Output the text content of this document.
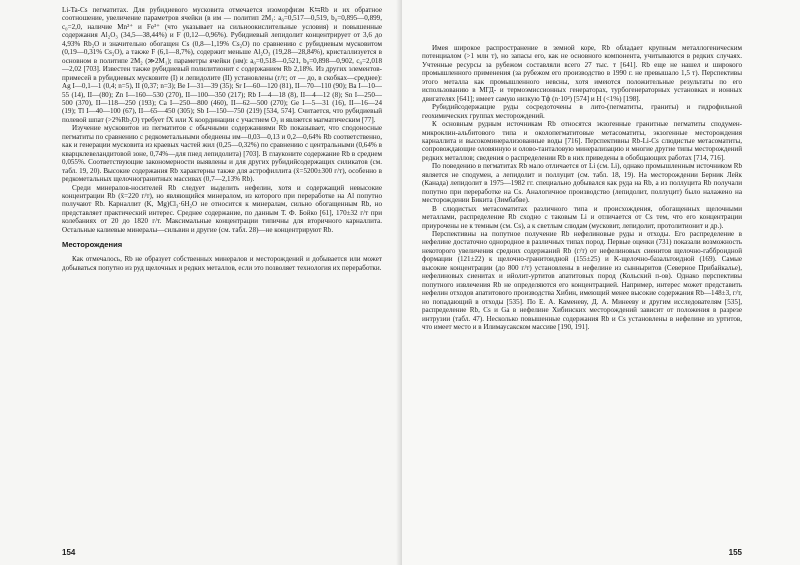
Li-Ta-Cs пегматитах. Для рубидиевого мусковита отмечается изоморфизм K⇆Rb и их обратное соотношение, увеличение параметров ячейки (в им — политип 2M₁: a₀=0,517—0,519, b₀=0,895—0,899, c₀=2,0, наличие Mn²⁺ и Fe³⁺ (что указывает на сильноокислительные условия) и повышенные содержания Al₂O₃ (34,5—38,44%) и F (0,12—0,96%). Рубидиевый лепидолит концентрирует от 3,6 до 4,93% Rb₂O и значительно обогащен Cs (0,8—1,19% Cs₂O) по сравнению с рубидиевым мусковитом (0,19—0,31% Cs₂O), а также F (6,1—8,7%), содержит меньше Al₂O₃ (19,28—28,84%), кристаллизуется в основном в политипе 2M₂ (≫2M₁); параметры ячейки (нм): a₀=0,518—0,521, b₀=0,898—0,902, c₀=2,018—2,02 [703]. Известен также рубидиевый полилитионит с содержанием Rb 2,18%. Из других элементов-примесей в рубидиевых мусковите (I) и лепидолите (II) установлены (г/т; от — до, в скобках—среднее): Ag I—0,1—1 (0,4; n=5), II (0,37; n=3); Be I—31—39 (35); Sr I—60—120 (81), II—70—110 (90); Ba I—10—55 (14), II—(80); Zn I—160—530 (270), II—100—350 (217); Rb I—4—18 (8), II—4—12 (8); Sn I—250—500 (370), II—118—250 (193); Ca I—250—800 (460), II—62—500 (270); Ge I—5—31 (16), II—16—24 (19); Tl I—40—100 (67), II—65—450 (305); Sb I—150—750 (219) [534, 574]. Считается, что рубидиевый полевой шпат (>2%Rb₂O) требует fX или X координации с участием O₂ и является магматическим [77].

Изучение мусковитов из пегматитов с обычными содержаниями Rb показывает, что сподоносные пегматиты по сравнению с редкометальными обеднены им—0,03—0,13 и 0,2—0,64% Rb соответственно, как и генерации мусковита из краевых частей жил (0,25—0,32%) по сравнению с центральными (0,64% в кварцклевеландитовой зоне, 0,74%—для пнед лепидолита) [703]. В глауконите содержание Rb в среднем 0,055%. Соответствующие закономерности выявлены и для других рубидийсодержащих силикатов (см. табл. 19, 20). Высокие содержания Rb характерны также для астрофиллита (x̄=5200±300 г/т), особенно в редкометальных щелочногранитных массивах (0,7—2,13% Rb).

Среди минералов-носителей Rb следует выделить нефелин, хотя и содержащий невысокие концентрации Rb (x̄=220 г/т), но являющийся минералом, из которого при переработке на Al попутно получают Rb. Карналлит (K, Mg)Cl₃·6H₂O не относится к минералам, сильно обогащенным Rb, но представляет практический интерес. Среднее содержание, по данным Т. Ф. Бойко [61], 170±32 г/т при колебаниях от 20 до 1820 г/т. Максимальные концентрации типичны для вторичного карналлита. Остальные калиевые минералы—сильвин и другие (см. табл. 28)—не концентрируют Rb.

Месторождения

Как отмечалось, Rb не образует собственных минералов и месторождений и добывается или может добываться попутно из руд щелочных и редких металлов, если это позволяет технология их переработки.

154

Имея широкое распространение в земной коре, Rb обладает крупным металлогеническим потенциалом (>1 млн т), но запасы его, как не основного компонента, учитываются в редких случаях. Учтенные ресурсы за рубежом составляли всего 27 тыс. т [641]. Rb еще не нашел и широкого промышленного применения (за рубежом его производство в 1990 г. не превышало 1,5 т). Перспективы этого металла как промышленного невсны, хотя имеются положительные результаты по его использованию в МГД- и термоэмиссионных генераторах, турбогенераторных установках и ионных двигателях [641]; имеет самую низкую Тф (n·10²) [574] и H (<1%) [198].

Рубидийсодержащие руды сосредоточены в лито-(пегматиты, граниты) и гидрофильной геохимических группах месторождений.

К основным рудным источникам Rb относятся экзогенные гранитные пегматиты сподумен-микроклин-альбитового типа и околопегматитовые метасоматиты, экзогенные месторождения карналлита и высокоминерализованные воды [716]. Перспективны Rb-Li-Cs слюдистые метасоматиты, сопровождающие оловянную и олово-танталовую минерализацию и многие другие типы месторождений редких металлов; сведения о распределении Rb в них приведены в обобщающих работах [714, 716].

По поведению в пегматитах Rb мало отличается от Li (см. Li), однако промышленным источником Rb является не сподумен, а лепидолит и поллуцит (см. табл. 18, 19). На месторождении Берник Лейк (Канада) лепидолит в 1975—1982 гг. специально добывался как руда на Rb, а из поллуцита Rb получали попутно при переработке на Cs. Аналогичное производство (лепидолит, поллуцит) было налажено на месторождении Бикита (Зимбабве).

В слюдистых метасоматитах различного типа и происхождения, обогащенных щелочными металлами, распределение Rb сходно с таковым Li и отличается от Cs тем, что его концентрации приурочены не к темным (см. Cs), а к светлым слюдам (мусковит, лепидолит, протолитионит и др.).

Перспективны на попутное получение Rb нефелиновые руды и отходы. Его распределение в нефелине достаточно однородное в различных типах пород. Первые оценки (731) показали возможность некоторого увеличения средних содержаний Rb (г/т) от нефелиновых сиенитов щелочно-габброидной формации (121±22) к щелочно-гранитоидной (155±25) и K-щелочно-базальтоидной (169). Самые высокие концентрации (до 800 г/т) установлены в нефелине из сынныритов (Северное Прибайкалье), нефелиновых сиенитах и ийолит-уртитов апатитовых пород (Кольский п-ов). Однако перспективы попутного извлечения Rb не определяются его концентрацией. Например, интерес может представить нефелин отходов апатитового производства Хибин, имеющий менее высокие содержания Rb—148±3, г/т, но попадающий в отходы [535]. По Е. А. Каменеву, Д. А. Минееву и другим исследователям [535], распределение Rb, Cs и Ga в нефелине Хибинских месторождений зависит от положения в разрезе интрузии (табл. 47). Несколько повышенные содержания Rb и Cs установлены в нефелине из уртитов, что имеет место и в Илимаусакском массиве [190, 191].

155
